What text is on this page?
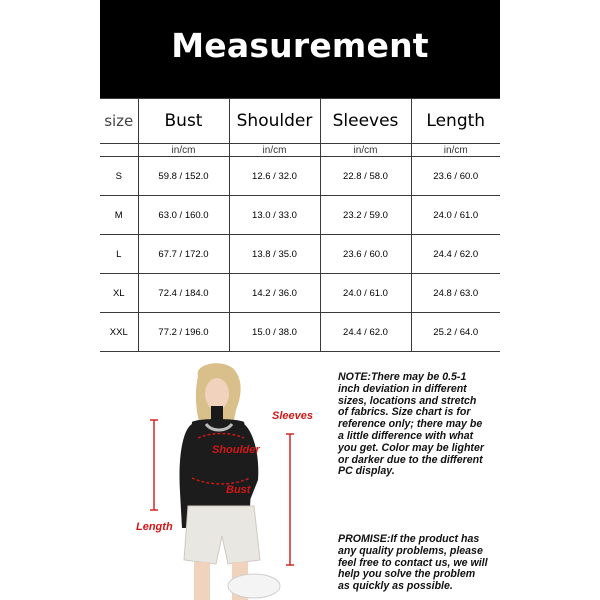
Measurement
size	Bust	Shoulder	Sleeves	Length
	in/cm	in/cm	in/cm	in/cm
S	59.8 / 152.0	12.6 / 32.0	22.8 / 58.0	23.6 / 60.0
M	63.0 / 160.0	13.0 / 33.0	23.2 / 59.0	24.0 / 61.0
L	67.7 / 172.0	13.8 / 35.0	23.6 / 60.0	24.4 / 62.0
XL	72.4 / 184.0	14.2 / 36.0	24.0 / 61.0	24.8 / 63.0
XXL	77.2 / 196.0	15.0 / 38.0	24.4 / 62.0	25.2 / 64.0
Sleeves
Shoulder
Bust
Length
NOTE:There may be 0.5-1 inch deviation in different sizes, locations and stretch of fabrics. Size chart is for reference only; there may be a little difference with what you get. Color may be lighter or darker due to the different PC display.
PROMISE:If the product has any quality problems, please feel free to contact us, we will help you solve the problem as quickly as possible.
